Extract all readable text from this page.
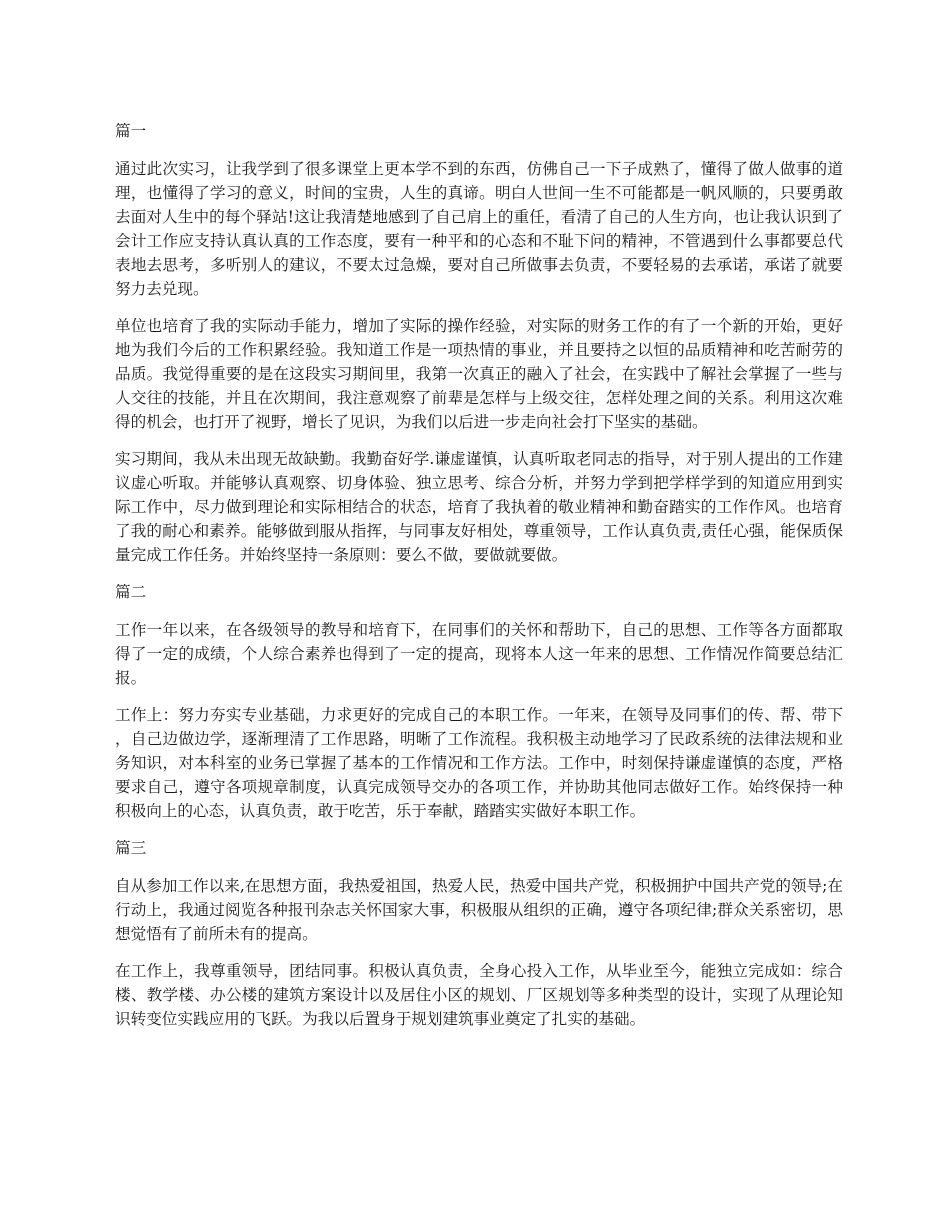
篇一
通过此次实习，让我学到了很多课堂上更本学不到的东西，仿佛自己一下子成熟了，懂得了做人做事的道理，也懂得了学习的意义，时间的宝贵，人生的真谛。明白人世间一生不可能都是一帆风顺的，只要勇敢去面对人生中的每个驿站!这让我清楚地感到了自己肩上的重任，看清了自己的人生方向，也让我认识到了会计工作应支持认真认真的工作态度，要有一种平和的心态和不耻下问的精神，不管遇到什么事都要总代表地去思考，多听别人的建议，不要太过急燥，要对自己所做事去负责，不要轻易的去承诺，承诺了就要努力去兑现。
单位也培育了我的实际动手能力，增加了实际的操作经验，对实际的财务工作的有了一个新的开始，更好地为我们今后的工作积累经验。我知道工作是一项热情的事业，并且要持之以恒的品质精神和吃苦耐劳的品质。我觉得重要的是在这段实习期间里，我第一次真正的融入了社会，在实践中了解社会掌握了一些与人交往的技能，并且在次期间，我注意观察了前辈是怎样与上级交往，怎样处理之间的关系。利用这次难得的机会，也打开了视野，增长了见识，为我们以后进一步走向社会打下坚实的基础。
实习期间，我从未出现无故缺勤。我勤奋好学.谦虚谨慎，认真听取老同志的指导，对于别人提出的工作建议虚心听取。并能够认真观察、切身体验、独立思考、综合分析，并努力学到把学样学到的知道应用到实际工作中，尽力做到理论和实际相结合的状态，培育了我执着的敬业精神和勤奋踏实的工作作风。也培育了我的耐心和素养。能够做到服从指挥，与同事友好相处，尊重领导，工作认真负责,责任心强，能保质保量完成工作任务。并始终坚持一条原则：要么不做，要做就要做。
篇二
工作一年以来，在各级领导的教导和培育下，在同事们的关怀和帮助下，自己的思想、工作等各方面都取得了一定的成绩，个人综合素养也得到了一定的提高，现将本人这一年来的思想、工作情况作简要总结汇报。
工作上：努力夯实专业基础，力求更好的完成自己的本职工作。一年来，在领导及同事们的传、帮、带下，自己边做边学，逐渐理清了工作思路，明晰了工作流程。我积极主动地学习了民政系统的法律法规和业务知识，对本科室的业务已掌握了基本的工作情况和工作方法。工作中，时刻保持谦虚谨慎的态度，严格要求自己，遵守各项规章制度，认真完成领导交办的各项工作，并协助其他同志做好工作。始终保持一种积极向上的心态，认真负责，敢于吃苦，乐于奉献，踏踏实实做好本职工作。
篇三
自从参加工作以来,在思想方面，我热爱祖国，热爱人民，热爱中国共产党，积极拥护中国共产党的领导;在行动上，我通过阅览各种报刊杂志关怀国家大事，积极服从组织的正确，遵守各项纪律;群众关系密切，思想觉悟有了前所未有的提高。
在工作上，我尊重领导，团结同事。积极认真负责，全身心投入工作，从毕业至今，能独立完成如：综合楼、教学楼、办公楼的建筑方案设计以及居住小区的规划、厂区规划等多种类型的设计，实现了从理论知识转变位实践应用的飞跃。为我以后置身于规划建筑事业奠定了扎实的基础。
